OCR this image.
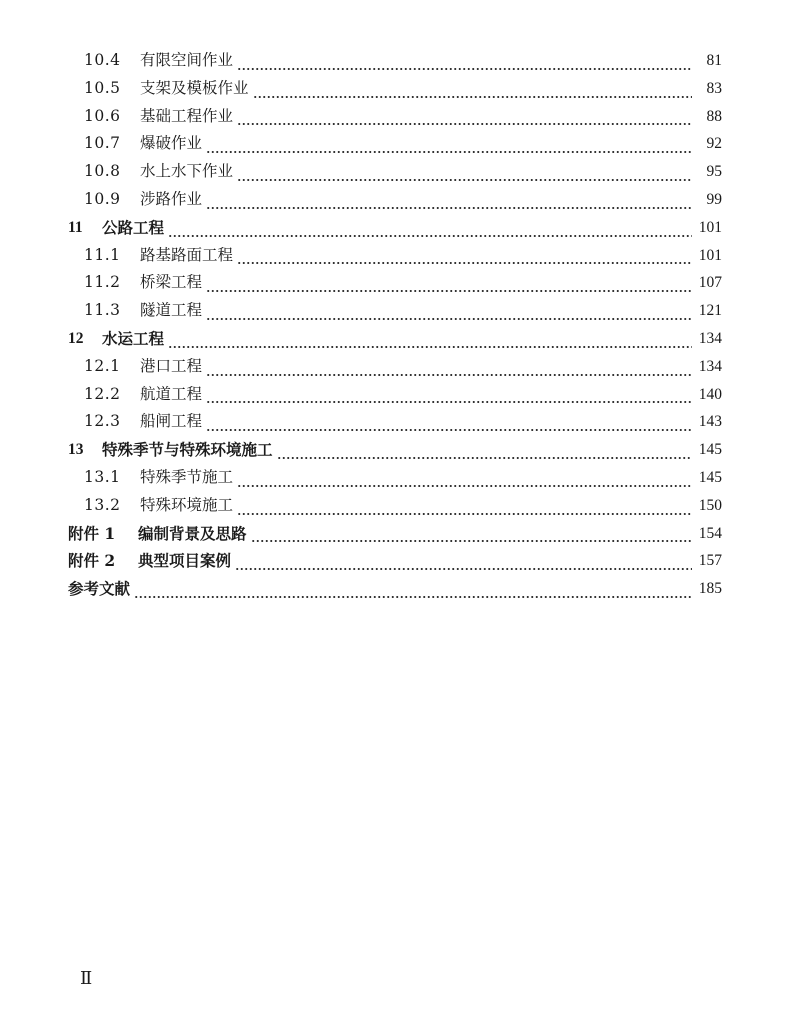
10.4	有限空间作业	81
10.5	支架及模板作业	83
10.6	基础工程作业	88
10.7	爆破作业	92
10.8	水上水下作业	95
10.9	涉路作业	99
11	公路工程	101
11.1	路基路面工程	101
11.2	桥梁工程	107
11.3	隧道工程	121
12	水运工程	134
12.1	港口工程	134
12.2	航道工程	140
12.3	船闸工程	143
13	特殊季节与特殊环境施工	145
13.1	特殊季节施工	145
13.2	特殊环境施工	150
附件 1	编制背景及思路	154
附件 2	典型项目案例	157
参考文献	185
Ⅱ
